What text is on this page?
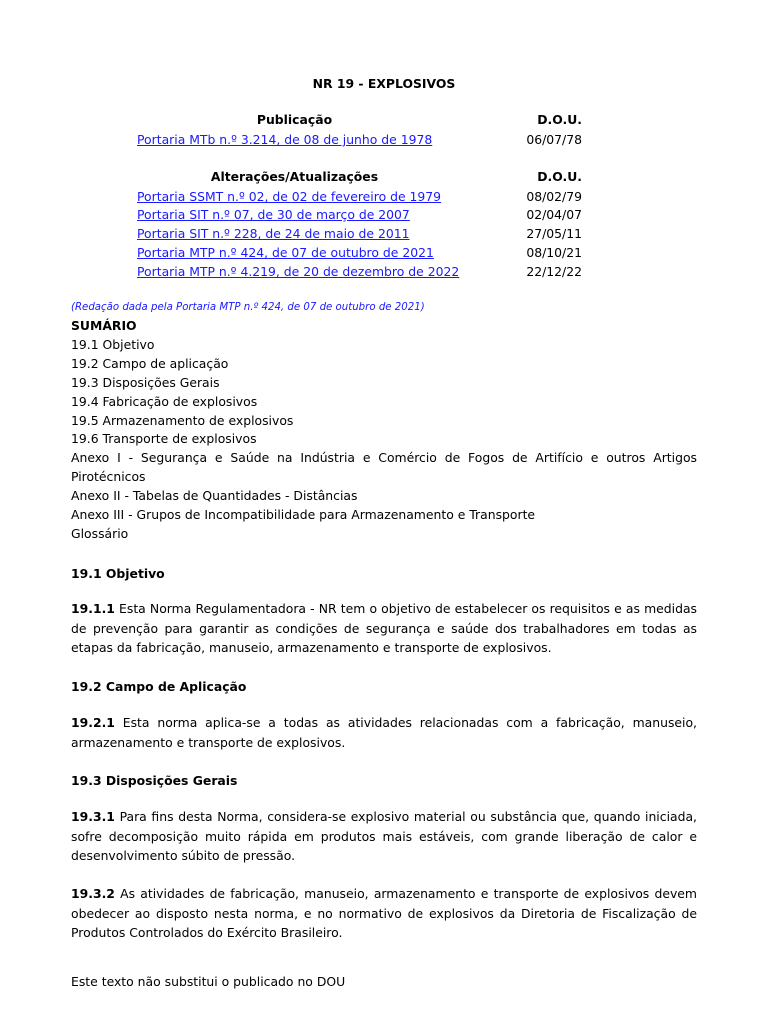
NR 19 - EXPLOSIVOS
Publicação	D.O.U.
Portaria MTb n.º 3.214, de 08 de junho de 1978	06/07/78
Alterações/Atualizações	D.O.U.
Portaria SSMT n.º 02, de 02 de fevereiro de 1979	08/02/79
Portaria SIT n.º 07, de 30 de março de 2007	02/04/07
Portaria SIT n.º 228, de 24 de maio de 2011	27/05/11
Portaria MTP n.º 424, de 07 de outubro de 2021	08/10/21
Portaria MTP n.º 4.219, de 20 de dezembro de 2022	22/12/22
(Redação dada pela Portaria MTP n.º 424, de 07 de outubro de 2021)
SUMÁRIO
19.1 Objetivo
19.2 Campo de aplicação
19.3 Disposições Gerais
19.4 Fabricação de explosivos
19.5 Armazenamento de explosivos
19.6 Transporte de explosivos
Anexo I - Segurança e Saúde na Indústria e Comércio de Fogos de Artifício e outros Artigos
Pirotécnicos
Anexo II - Tabelas de Quantidades - Distâncias
Anexo III - Grupos de Incompatibilidade para Armazenamento e Transporte
Glossário
19.1 Objetivo
19.1.1 Esta Norma Regulamentadora - NR tem o objetivo de estabelecer os requisitos e as medidas de prevenção para garantir as condições de segurança e saúde dos trabalhadores em todas as etapas da fabricação, manuseio, armazenamento e transporte de explosivos.
19.2 Campo de Aplicação
19.2.1 Esta norma aplica-se a todas as atividades relacionadas com a fabricação, manuseio, armazenamento e transporte de explosivos.
19.3 Disposições Gerais
19.3.1 Para fins desta Norma, considera-se explosivo material ou substância que, quando iniciada, sofre decomposição muito rápida em produtos mais estáveis, com grande liberação de calor e desenvolvimento súbito de pressão.
19.3.2 As atividades de fabricação, manuseio, armazenamento e transporte de explosivos devem obedecer ao disposto nesta norma, e no normativo de explosivos da Diretoria de Fiscalização de Produtos Controlados do Exército Brasileiro.
Este texto não substitui o publicado no DOU
